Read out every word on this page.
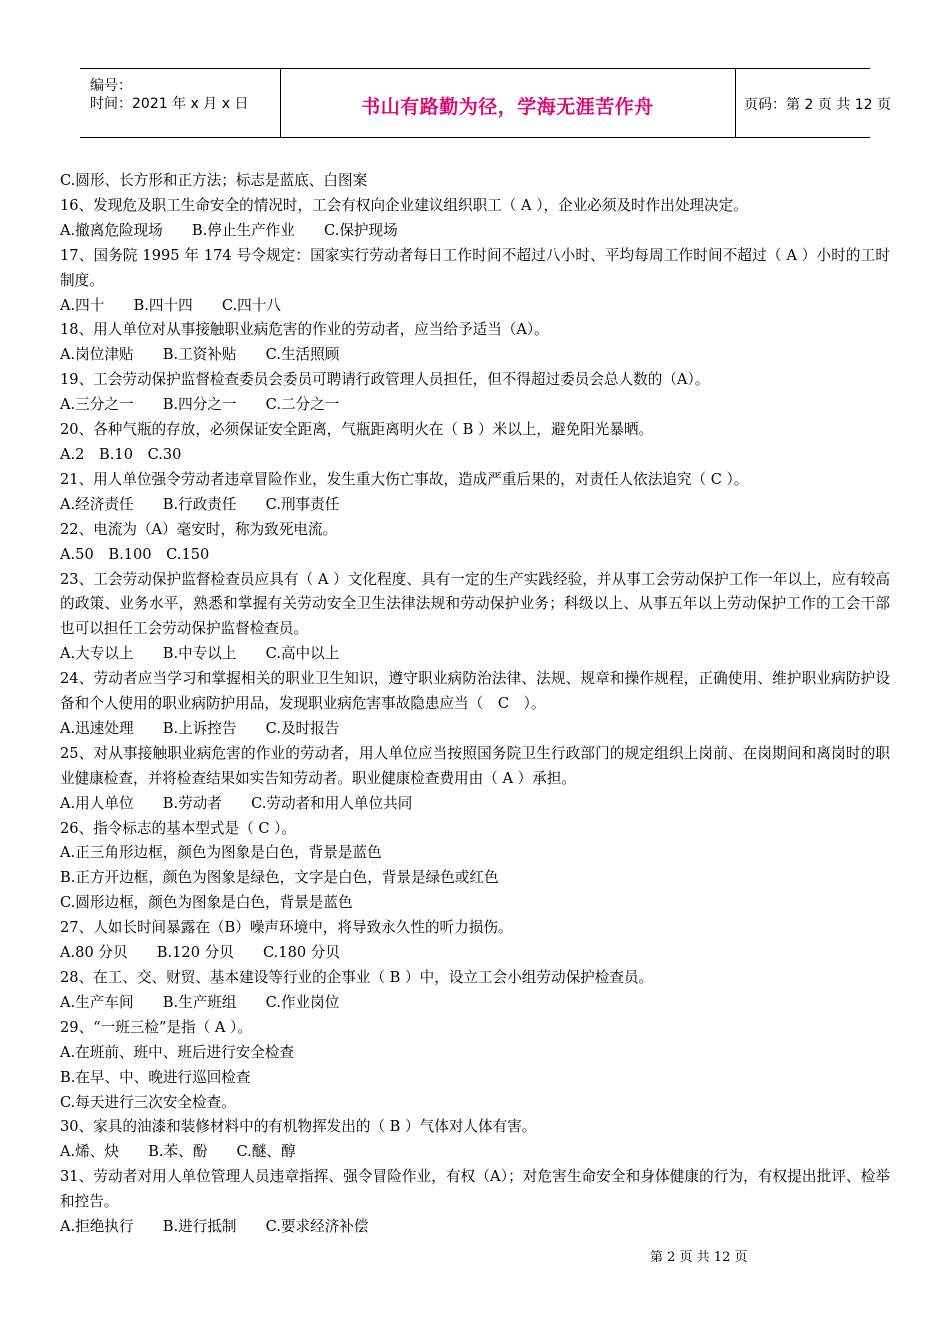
编号：
时间：2021 年 x 月 x 日	书山有路勤为径，学海无涯苦作舟	页码：第 2 页 共 12 页
C.圆形、长方形和正方法；标志是蓝底、白图案
16、发现危及职工生命安全的情况时，工会有权向企业建议组织职工（ A ），企业必须及时作出处理决定。
A.撤离危险现场　　B.停止生产作业　　C.保护现场
17、国务院 1995 年 174 号令规定：国家实行劳动者每日工作时间不超过八小时、平均每周工作时间不超过（ A ）小时的工时制度。
A.四十　　B.四十四　　C.四十八
18、用人单位对从事接触职业病危害的作业的劳动者，应当给予适当（A）。
A.岗位津贴　　B.工资补贴　　C.生活照顾
19、工会劳动保护监督检查委员会委员可聘请行政管理人员担任，但不得超过委员会总人数的（A）。
A.三分之一　　B.四分之一　　C.二分之一
20、各种气瓶的存放，必须保证安全距离，气瓶距离明火在（ B ）米以上，避免阳光暴晒。
A.2　B.10　C.30
21、用人单位强令劳动者违章冒险作业，发生重大伤亡事故，造成严重后果的，对责任人依法追究（ C ）。
A.经济责任　　B.行政责任　　C.刑事责任
22、电流为（A）毫安时，称为致死电流。
A.50　B.100　C.150
23、工会劳动保护监督检查员应具有（ A ）文化程度、具有一定的生产实践经验，并从事工会劳动保护工作一年以上，应有较高的政策、业务水平，熟悉和掌握有关劳动安全卫生法律法规和劳动保护业务；科级以上、从事五年以上劳动保护工作的工会干部也可以担任工会劳动保护监督检查员。
A.大专以上　　B.中专以上　　C.高中以上
24、劳动者应当学习和掌握相关的职业卫生知识，遵守职业病防治法律、法规、规章和操作规程，正确使用、维护职业病防护设备和个人使用的职业病防护用品，发现职业病危害事故隐患应当（　C　）。
A.迅速处理　　B.上诉控告　　C.及时报告
25、对从事接触职业病危害的作业的劳动者，用人单位应当按照国务院卫生行政部门的规定组织上岗前、在岗期间和离岗时的职业健康检查，并将检查结果如实告知劳动者。职业健康检查费用由（ A ）承担。
A.用人单位　　B.劳动者　　C.劳动者和用人单位共同
26、指令标志的基本型式是（ C ）。
A.正三角形边框，颜色为图象是白色，背景是蓝色
B.正方开边框，颜色为图象是绿色，文字是白色，背景是绿色或红色
C.圆形边框，颜色为图象是白色，背景是蓝色
27、人如长时间暴露在（B）噪声环境中，将导致永久性的听力损伤。
A.80 分贝　　B.120 分贝　　C.180 分贝
28、在工、交、财贸、基本建设等行业的企事业（ B ）中，设立工会小组劳动保护检查员。
A.生产车间　　B.生产班组　　C.作业岗位
29、“一班三检”是指（ A ）。
A.在班前、班中、班后进行安全检查
B.在早、中、晚进行巡回检查
C.每天进行三次安全检查。
30、家具的油漆和装修材料中的有机物挥发出的（ B ）气体对人体有害。
A.烯、炔　　B.苯、酚　　C.醚、醇
31、劳动者对用人单位管理人员违章指挥、强令冒险作业，有权（A）；对危害生命安全和身体健康的行为，有权提出批评、检举和控告。
A.拒绝执行　　B.进行抵制　　C.要求经济补偿
第 2 页 共 12 页
